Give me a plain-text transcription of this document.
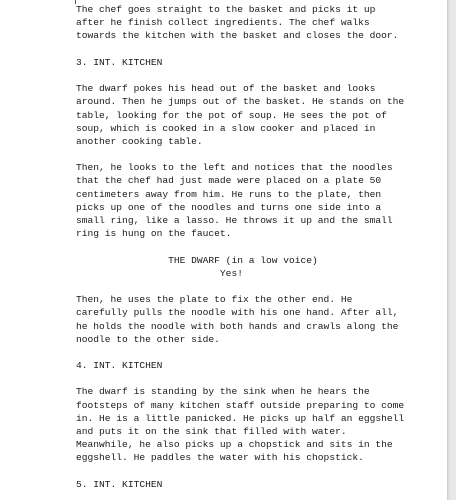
The chef goes straight to the basket and picks it up
after he finish collect ingredients. The chef walks
towards the kitchen with the basket and closes the door.
3. INT. KITCHEN
The dwarf pokes his head out of the basket and looks
around. Then he jumps out of the basket. He stands on the
table, looking for the pot of soup. He sees the pot of
soup, which is cooked in a slow cooker and placed in
another cooking table.
Then, he looks to the left and notices that the noodles
that the chef had just made were placed on a plate 50
centimeters away from him. He runs to the plate, then
picks up one of the noodles and turns one side into a
small ring, like a lasso. He throws it up and the small
ring is hung on the faucet.
THE DWARF (in a low voice)
Yes!
Then, he uses the plate to fix the other end. He
carefully pulls the noodle with his one hand. After all,
he holds the noodle with both hands and crawls along the
noodle to the other side.
4. INT. KITCHEN
The dwarf is standing by the sink when he hears the
footsteps of many kitchen staff outside preparing to come
in. He is a little panicked. He picks up half an eggshell
and puts it on the sink that filled with water.
Meanwhile, he also picks up a chopstick and sits in the
eggshell. He paddles the water with his chopstick.
5. INT. KITCHEN
